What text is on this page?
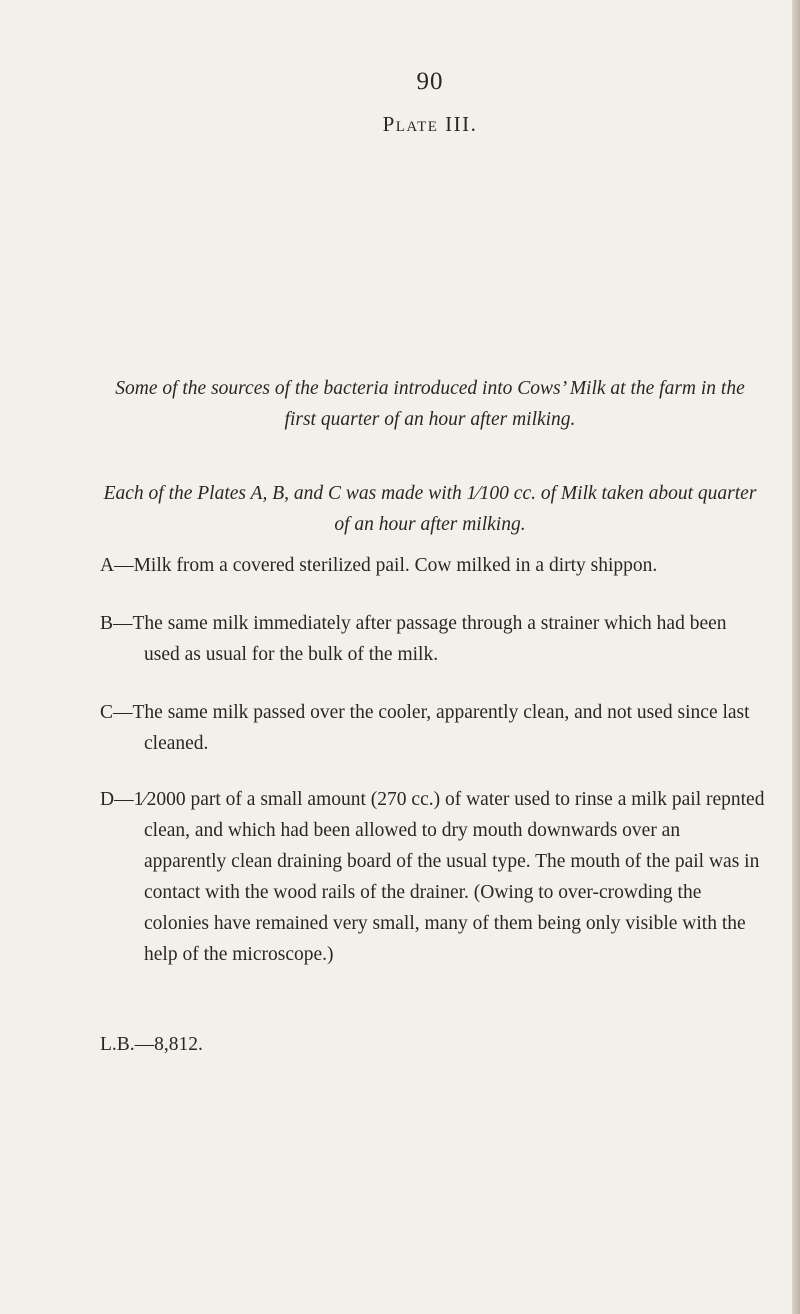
90
Plate III.
Some of the sources of the bacteria introduced into Cows’ Milk at the farm in the first quarter of an hour after milking.
Each of the Plates A, B, and C was made with 1⁄100 cc. of Milk taken about quarter of an hour after milking.
A—Milk from a covered sterilized pail. Cow milked in a dirty shippon.
B—The same milk immediately after passage through a strainer which had been used as usual for the bulk of the milk.
C—The same milk passed over the cooler, apparently clean, and not used since last cleaned.
D—1⁄2000 part of a small amount (270 cc.) of water used to rinse a milk pail repnted clean, and which had been allowed to dry mouth downwards over an apparently clean draining board of the usual type. The mouth of the pail was in contact with the wood rails of the drainer. (Owing to over-crowding the colonies have remained very small, many of them being only visible with the help of the microscope.)
L.B.—8,812.
